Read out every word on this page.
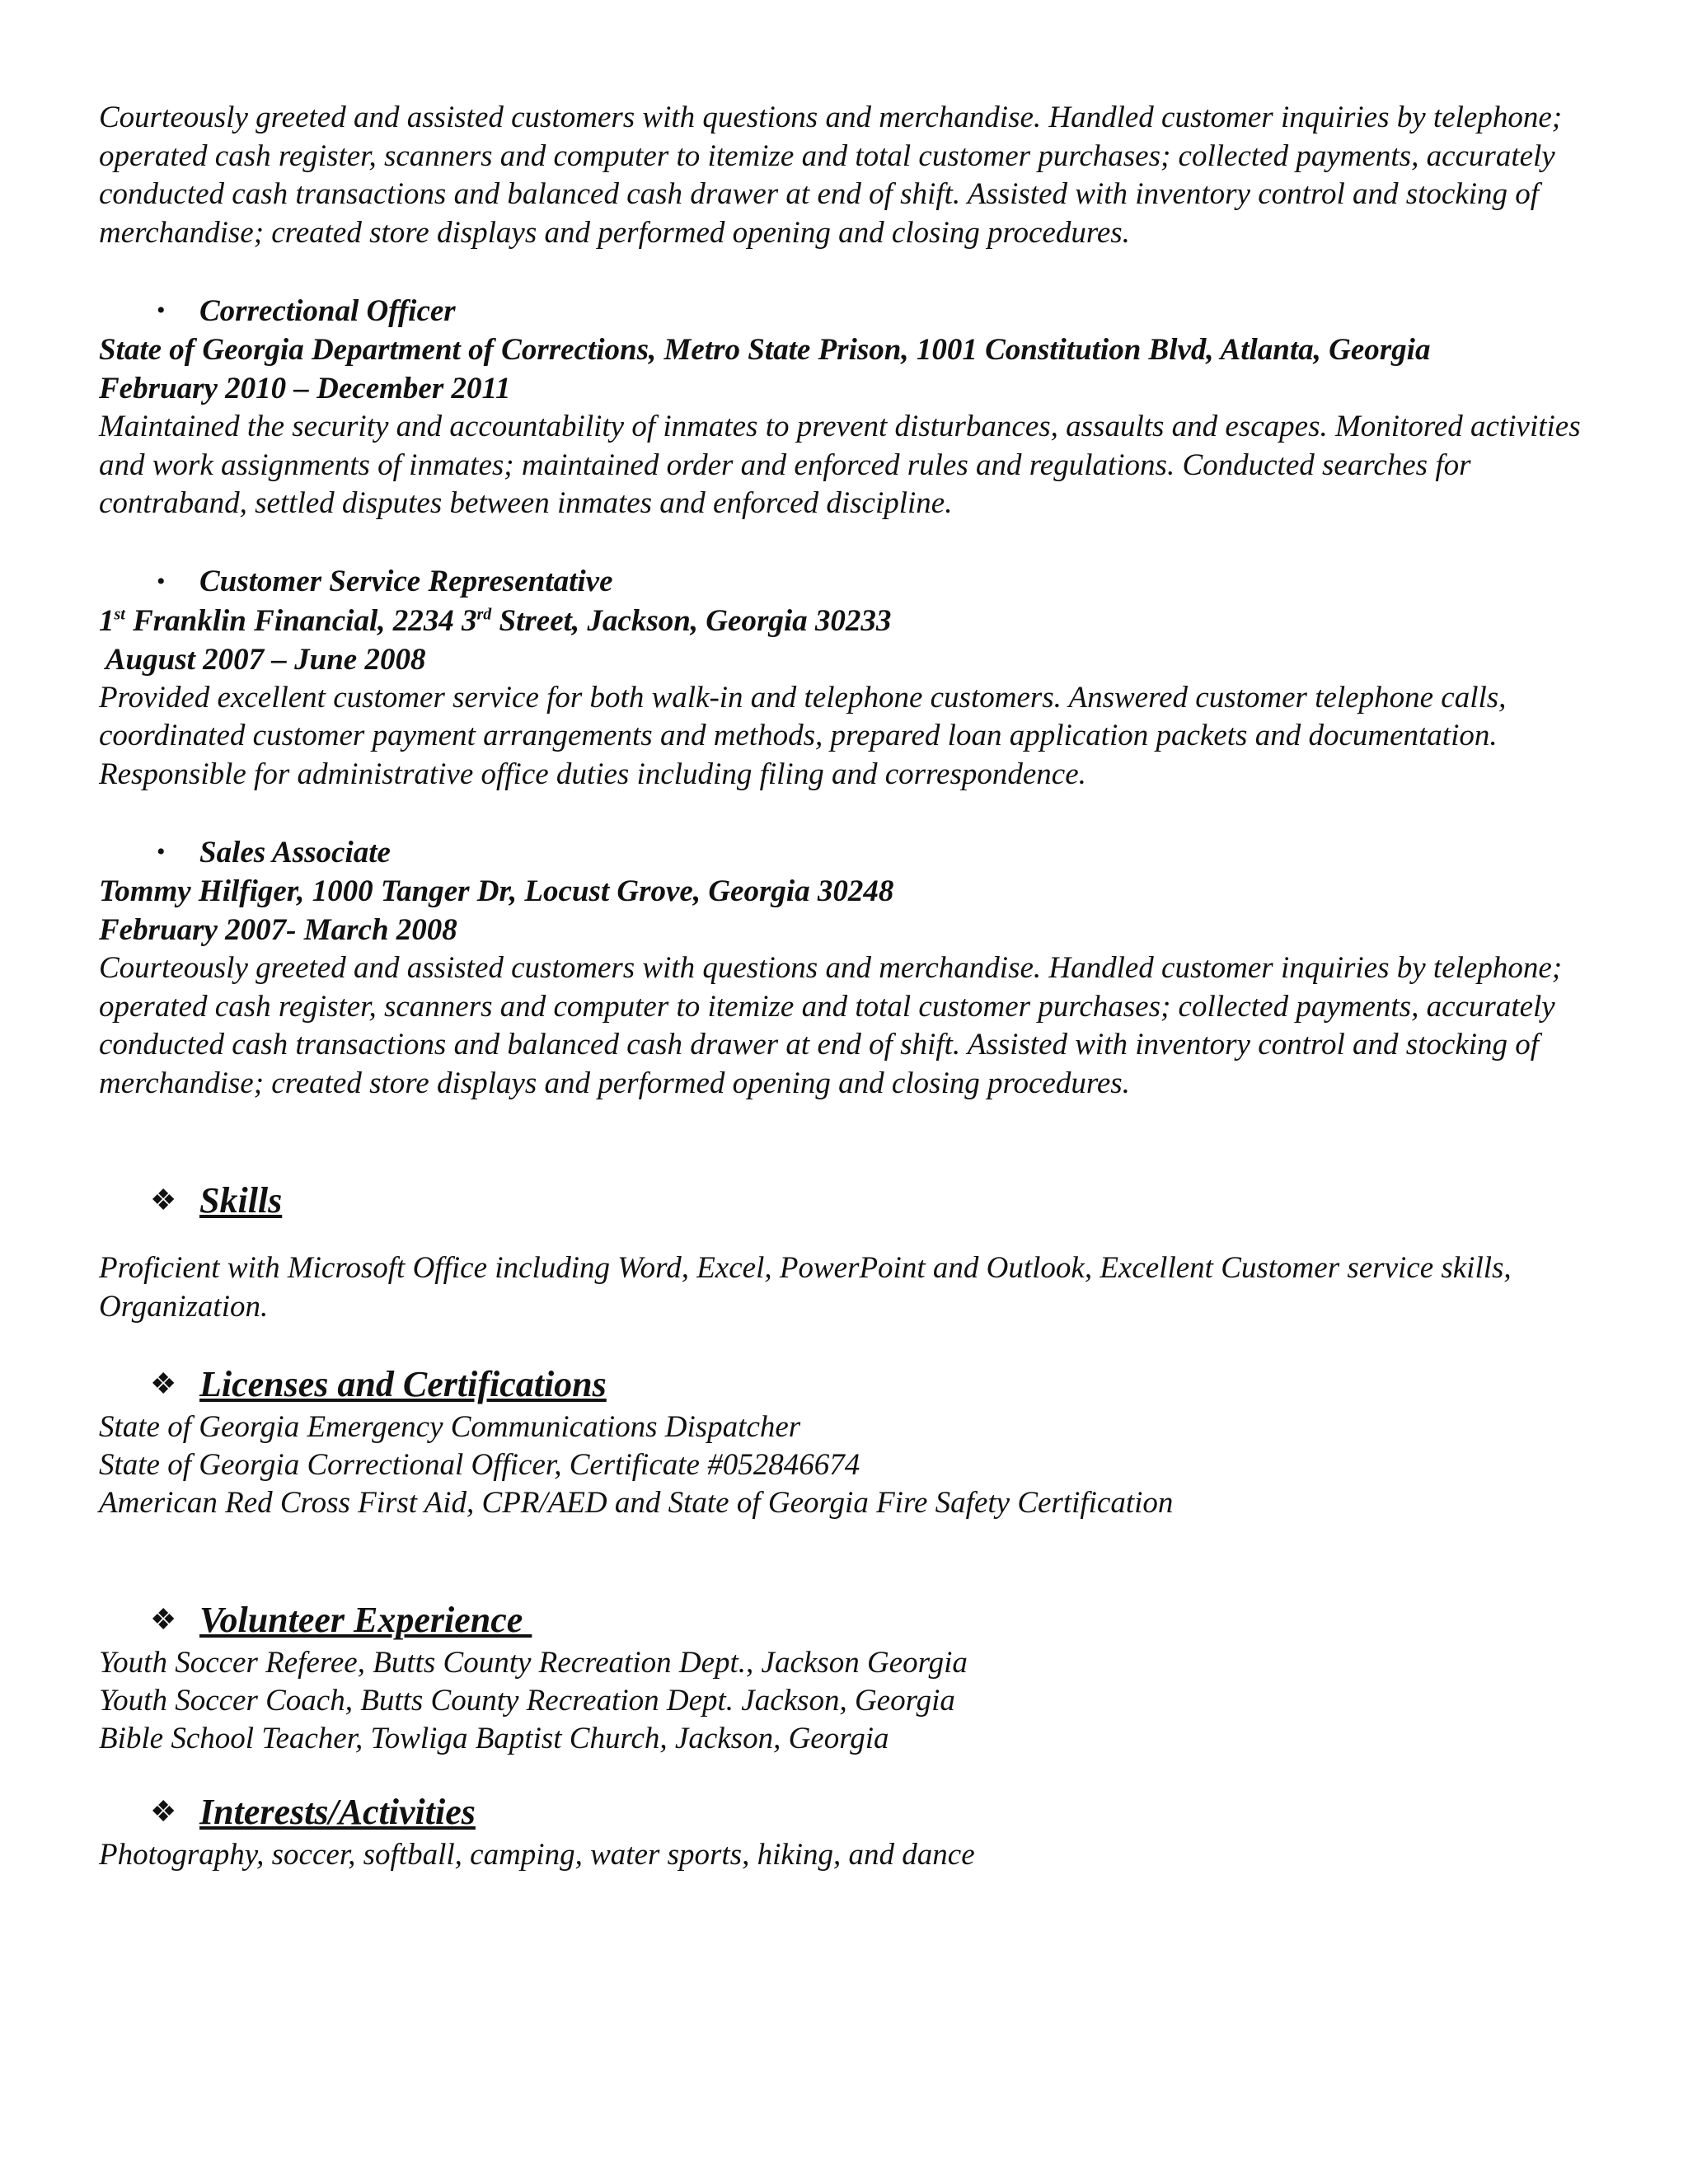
Courteously greeted and assisted customers with questions and merchandise. Handled customer inquiries by telephone; operated cash register, scanners and computer to itemize and total customer purchases; collected payments, accurately conducted cash transactions and balanced cash drawer at end of shift. Assisted with inventory control and stocking of merchandise; created store displays and performed opening and closing procedures.

•	Correctional Officer
State of Georgia Department of Corrections, Metro State Prison, 1001 Constitution Blvd, Atlanta, Georgia
February 2010 – December 2011

Maintained the security and accountability of inmates to prevent disturbances, assaults and escapes. Monitored activities and work assignments of inmates; maintained order and enforced rules and regulations. Conducted searches for contraband, settled disputes between inmates and enforced discipline.

•	Customer Service Representative
1st Franklin Financial, 2234 3rd Street, Jackson, Georgia 30233
August 2007 – June 2008

Provided excellent customer service for both walk-in and telephone customers. Answered customer telephone calls, coordinated customer payment arrangements and methods, prepared loan application packets and documentation. Responsible for administrative office duties including filing and correspondence.

•	Sales Associate
Tommy Hilfiger, 1000 Tanger Dr, Locust Grove, Georgia 30248
February 2007- March 2008

Courteously greeted and assisted customers with questions and merchandise. Handled customer inquiries by telephone; operated cash register, scanners and computer to itemize and total customer purchases; collected payments, accurately conducted cash transactions and balanced cash drawer at end of shift. Assisted with inventory control and stocking of merchandise; created store displays and performed opening and closing procedures.

❖ Skills

Proficient with Microsoft Office including Word, Excel, PowerPoint and Outlook, Excellent Customer service skills, Organization.

❖ Licenses and Certifications
State of Georgia Emergency Communications Dispatcher
State of Georgia Correctional Officer, Certificate #052846674
American Red Cross First Aid, CPR/AED and State of Georgia Fire Safety Certification
❖ Volunteer Experience
Youth Soccer Referee, Butts County Recreation Dept., Jackson Georgia
Youth Soccer Coach, Butts County Recreation Dept. Jackson, Georgia
Bible School Teacher, Towliga Baptist Church, Jackson, Georgia
❖ Interests/Activities
Photography, soccer, softball, camping, water sports, hiking, and dance
